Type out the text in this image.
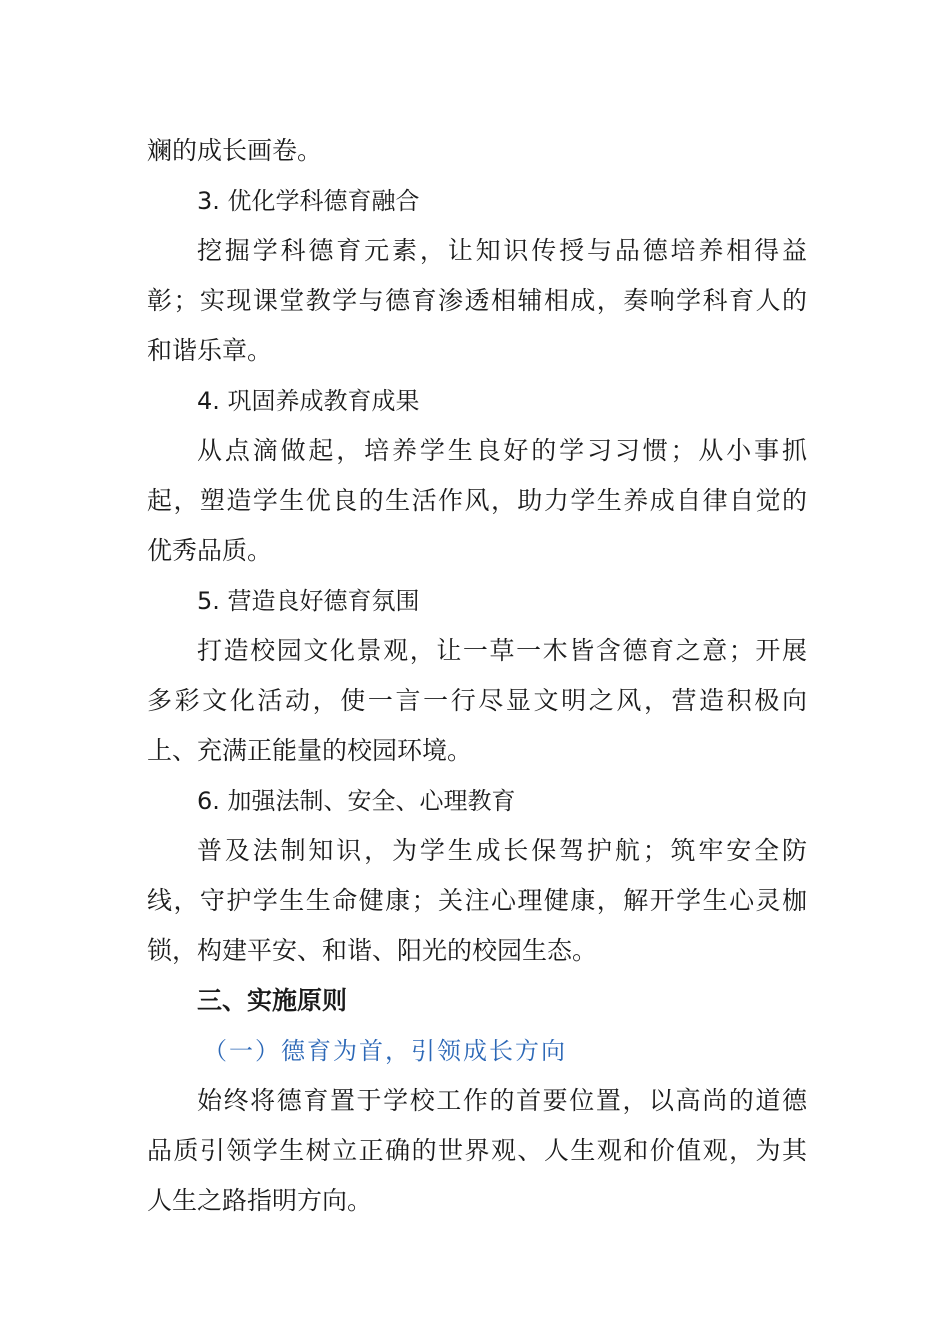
斓的成长画卷。
3. 优化学科德育融合
挖掘学科德育元素，让知识传授与品德培养相得益
彰；实现课堂教学与德育渗透相辅相成，奏响学科育人的
和谐乐章。
4. 巩固养成教育成果
从点滴做起，培养学生良好的学习习惯；从小事抓
起，塑造学生优良的生活作风，助力学生养成自律自觉的
优秀品质。
5. 营造良好德育氛围
打造校园文化景观，让一草一木皆含德育之意；开展
多彩文化活动，使一言一行尽显文明之风，营造积极向
上、充满正能量的校园环境。
6. 加强法制、安全、心理教育
普及法制知识，为学生成长保驾护航；筑牢安全防
线，守护学生生命健康；关注心理健康，解开学生心灵枷
锁，构建平安、和谐、阳光的校园生态。
三、实施原则
（一）德育为首，引领成长方向
始终将德育置于学校工作的首要位置，以高尚的道德
品质引领学生树立正确的世界观、人生观和价值观，为其
人生之路指明方向。
